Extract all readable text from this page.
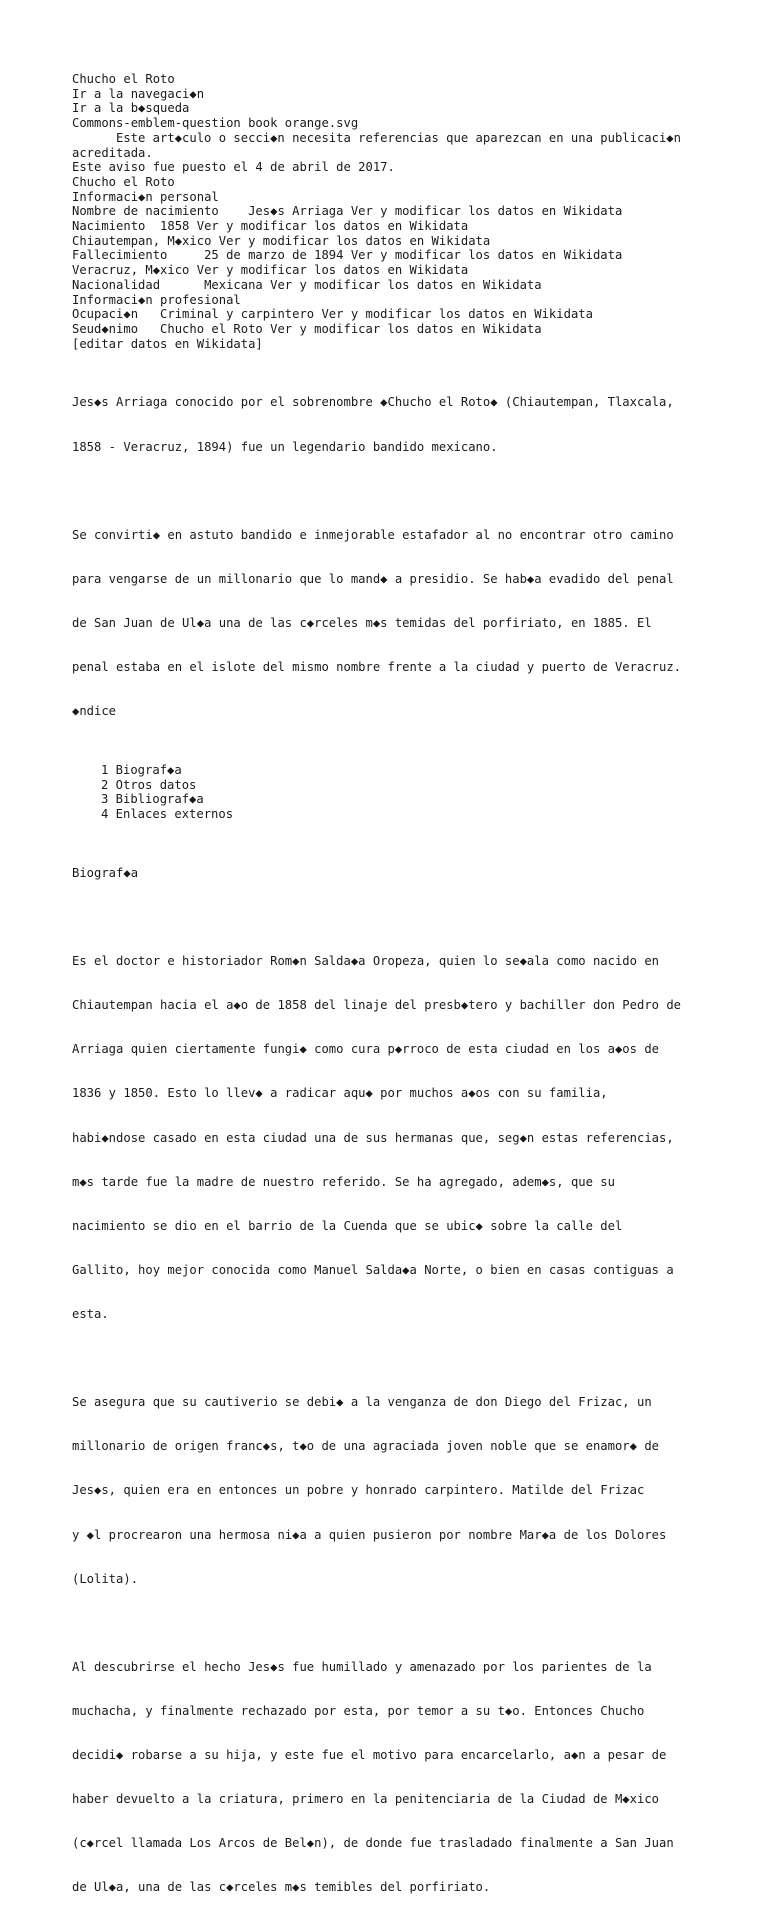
Chucho el Roto
Ir a la navegaci◆n
Ir a la b◆squeda
Commons-emblem-question book orange.svg
Este art◆culo o secci◆n necesita referencias que aparezcan en una publicaci◆n
acreditada.
Este aviso fue puesto el 4 de abril de 2017.
Chucho el Roto
Informaci◆n personal
Nombre de nacimiento    Jes◆s Arriaga Ver y modificar los datos en Wikidata
Nacimiento  1858 Ver y modificar los datos en Wikidata
Chiautempan, M◆xico Ver y modificar los datos en Wikidata
Fallecimiento     25 de marzo de 1894 Ver y modificar los datos en Wikidata
Veracruz, M◆xico Ver y modificar los datos en Wikidata
Nacionalidad      Mexicana Ver y modificar los datos en Wikidata
Informaci◆n profesional
Ocupaci◆n   Criminal y carpintero Ver y modificar los datos en Wikidata
Seud◆nimo   Chucho el Roto Ver y modificar los datos en Wikidata
[editar datos en Wikidata]

Jes◆s Arriaga conocido por el sobrenombre ◆Chucho el Roto◆ (Chiautempan, Tlaxcala,

1858 - Veracruz, 1894) fue un legendario bandido mexicano.

Se convirti◆ en astuto bandido e inmejorable estafador al no encontrar otro camino

para vengarse de un millonario que lo mand◆ a presidio. Se hab◆a evadido del penal

de San Juan de Ul◆a una de las c◆rceles m◆s temidas del porfiriato, en 1885. El

penal estaba en el islote del mismo nombre frente a la ciudad y puerto de Veracruz.

◆ndice

1 Biograf◆a
2 Otros datos
3 Bibliograf◆a
4 Enlaces externos

Biograf◆a

Es el doctor e historiador Rom◆n Salda◆a Oropeza, quien lo se◆ala como nacido en

Chiautempan hacia el a◆o de 1858 del linaje del presb◆tero y bachiller don Pedro de

Arriaga quien ciertamente fungi◆ como cura p◆rroco de esta ciudad en los a◆os de

1836 y 1850. Esto lo llev◆ a radicar aqu◆ por muchos a◆os con su familia,

habi◆ndose casado en esta ciudad una de sus hermanas que, seg◆n estas referencias,

m◆s tarde fue la madre de nuestro referido. Se ha agregado, adem◆s, que su

nacimiento se dio en el barrio de la Cuenda que se ubic◆ sobre la calle del

Gallito, hoy mejor conocida como Manuel Salda◆a Norte, o bien en casas contiguas a

esta.

Se asegura que su cautiverio se debi◆ a la venganza de don Diego del Frizac, un

millonario de origen franc◆s, t◆o de una agraciada joven noble que se enamor◆ de

Jes◆s, quien era en entonces un pobre y honrado carpintero. Matilde del Frizac

y ◆l procrearon una hermosa ni◆a a quien pusieron por nombre Mar◆a de los Dolores

(Lolita).

Al descubrirse el hecho Jes◆s fue humillado y amenazado por los parientes de la

muchacha, y finalmente rechazado por esta, por temor a su t◆o. Entonces Chucho

decidi◆ robarse a su hija, y este fue el motivo para encarcelarlo, a◆n a pesar de

haber devuelto a la criatura, primero en la penitenciaria de la Ciudad de M◆xico

(c◆rcel llamada Los Arcos de Bel◆n), de donde fue trasladado finalmente a San Juan

de Ul◆a, una de las c◆rceles m◆s temibles del porfiriato.
